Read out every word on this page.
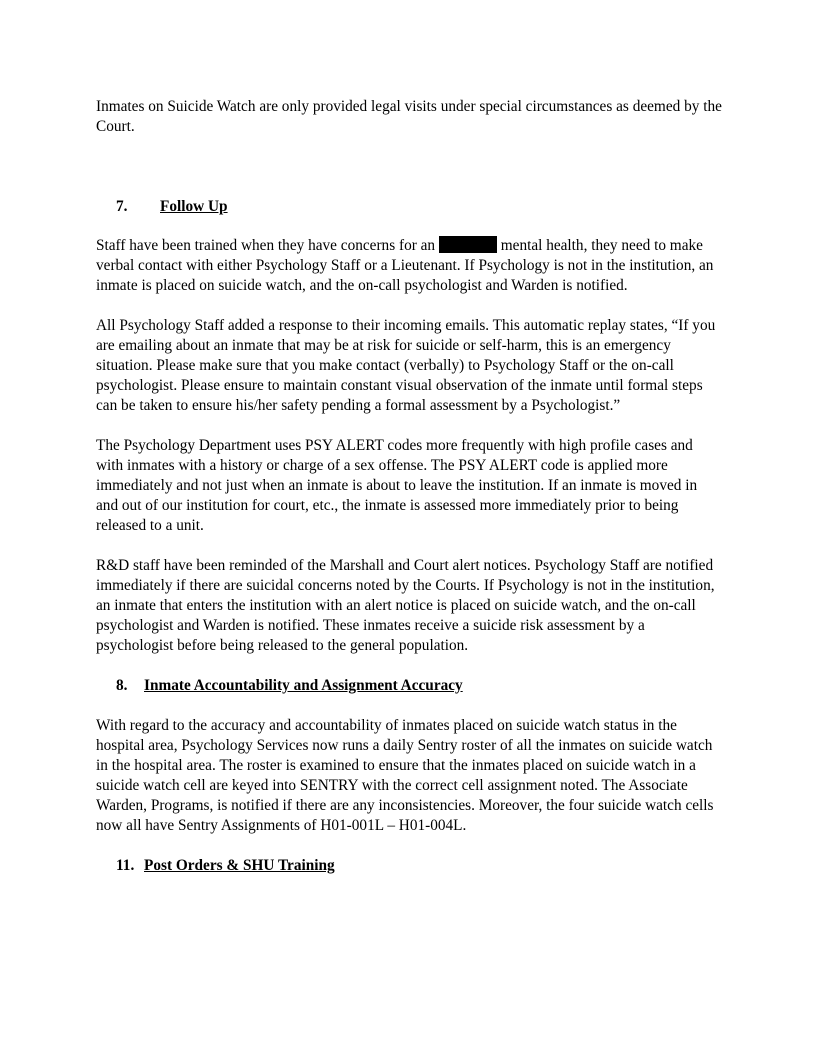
Inmates on Suicide Watch are only provided legal visits under special circumstances as deemed by the Court.

7. Follow Up

Staff have been trained when they have concerns for an	mental health, they need to make verbal contact with either Psychology Staff or a Lieutenant. If Psychology is not in the institution, an inmate is placed on suicide watch, and the on-call psychologist and Warden is notified.

All Psychology Staff added a response to their incoming emails. This automatic replay states, “If you are emailing about an inmate that may be at risk for suicide or self-harm, this is an emergency situation. Please make sure that you make contact (verbally) to Psychology Staff or the on-call psychologist. Please ensure to maintain constant visual observation of the inmate until formal steps can be taken to ensure his/her safety pending a formal assessment by a Psychologist.”

The Psychology Department uses PSY ALERT codes more frequently with high profile cases and with inmates with a history or charge of a sex offense. The PSY ALERT code is applied more immediately and not just when an inmate is about to leave the institution. If an inmate is moved in and out of our institution for court, etc., the inmate is assessed more immediately prior to being released to a unit.

R&D staff have been reminded of the Marshall and Court alert notices. Psychology Staff are notified immediately if there are suicidal concerns noted by the Courts. If Psychology is not in the institution, an inmate that enters the institution with an alert notice is placed on suicide watch, and the on-call psychologist and Warden is notified. These inmates receive a suicide risk assessment by a psychologist before being released to the general population.

8. Inmate Accountability and Assignment Accuracy

With regard to the accuracy and accountability of inmates placed on suicide watch status in the hospital area, Psychology Services now runs a daily Sentry roster of all the inmates on suicide watch in the hospital area. The roster is examined to ensure that the inmates placed on suicide watch in a suicide watch cell are keyed into SENTRY with the correct cell assignment noted. The Associate Warden, Programs, is notified if there are any inconsistencies. Moreover, the four suicide watch cells now all have Sentry Assignments of H01-001L – H01-004L.

11. Post Orders & SHU Training
